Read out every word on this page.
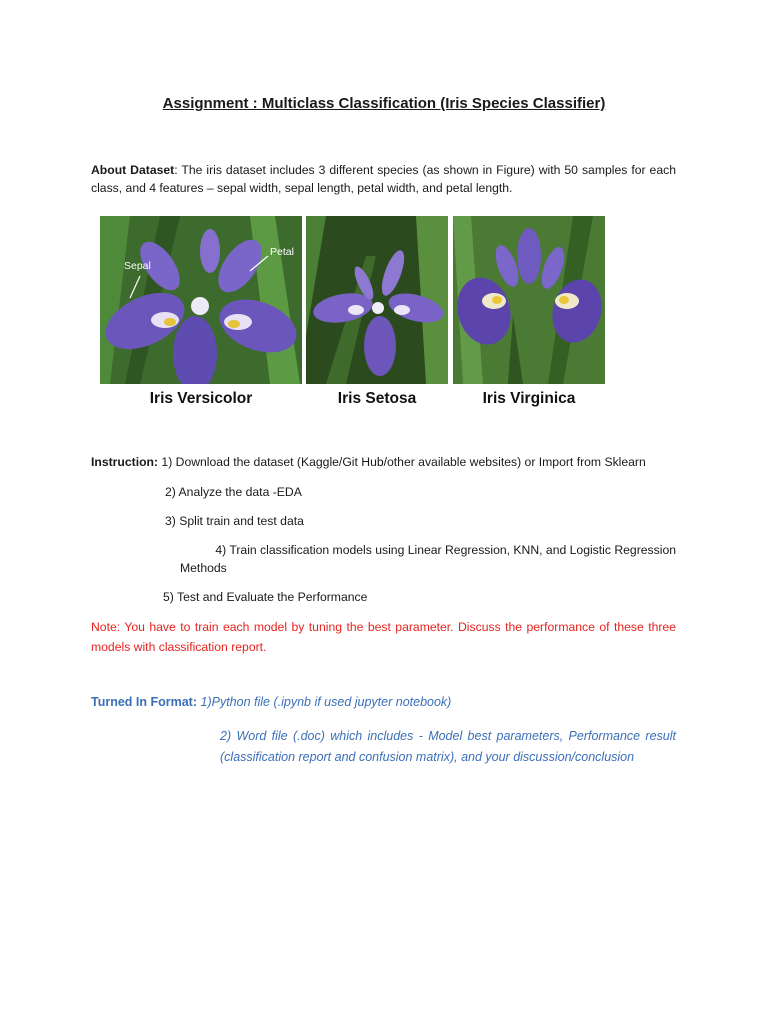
Assignment : Multiclass Classification (Iris Species Classifier)
About Dataset: The iris dataset includes 3 different species (as shown in Figure) with 50 samples for each class, and 4 features – sepal width, sepal length, petal width, and petal length.
Sepal
Petal
Iris Versicolor	Iris Setosa	Iris Virginica
Instruction: 1) Download the dataset (Kaggle/Git Hub/other available websites) or Import from Sklearn
2) Analyze the data -EDA
3) Split train and test data
4) Train classification models using Linear Regression, KNN, and Logistic Regression
Methods
5) Test and Evaluate the Performance
Note: You have to train each model by tuning the best parameter. Discuss the performance of these three models with classification report.
Turned In Format: 1)Python file (.ipynb if used jupyter notebook)
2) Word file (.doc) which includes - Model best parameters, Performance result (classification report and confusion matrix), and your discussion/conclusion
